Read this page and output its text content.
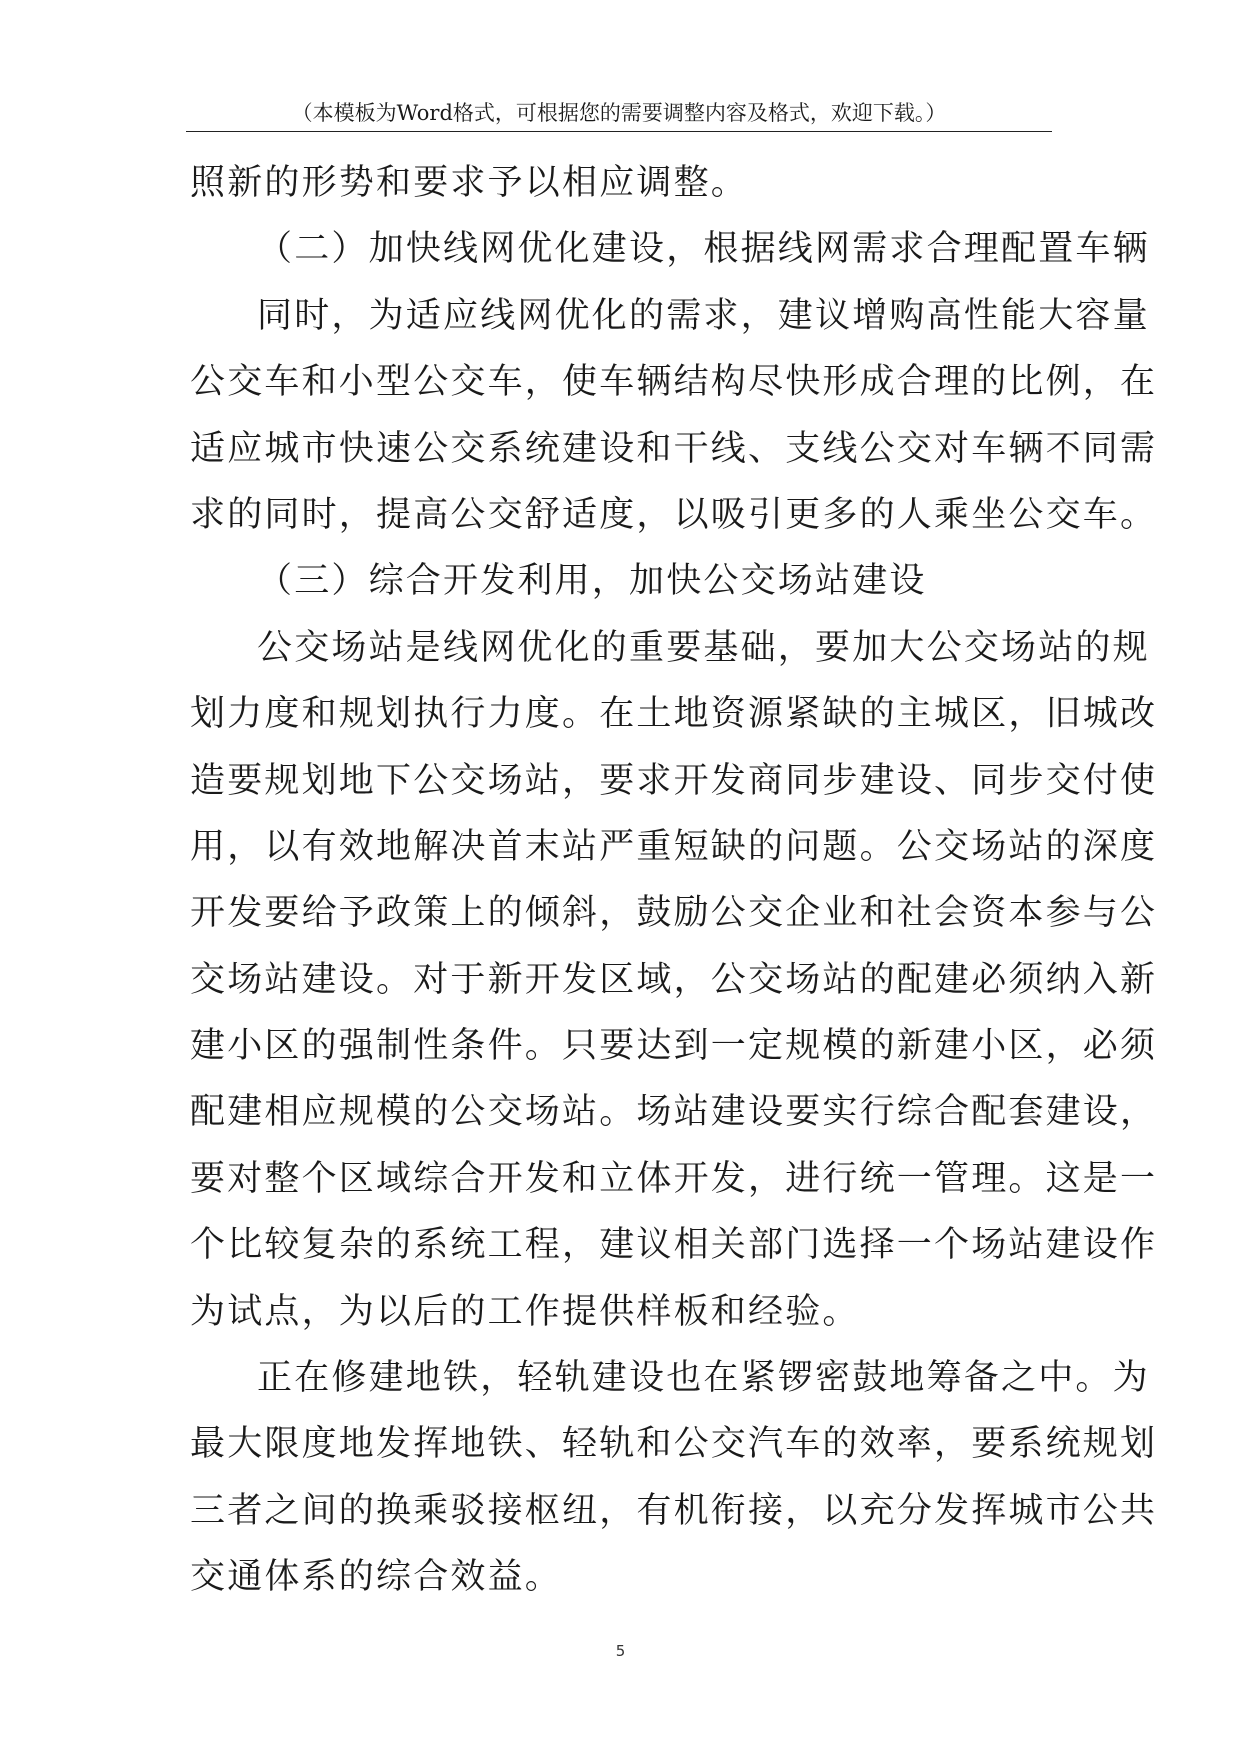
（本模板为Word格式，可根据您的需要调整内容及格式，欢迎下载。）
照新的形势和要求予以相应调整。
（二）加快线网优化建设，根据线网需求合理配置车辆
同时，为适应线网优化的需求，建议增购高性能大容量
公交车和小型公交车，使车辆结构尽快形成合理的比例，在
适应城市快速公交系统建设和干线、支线公交对车辆不同需
求的同时，提高公交舒适度，以吸引更多的人乘坐公交车。
（三）综合开发利用，加快公交场站建设
公交场站是线网优化的重要基础，要加大公交场站的规
划力度和规划执行力度。在土地资源紧缺的主城区，旧城改
造要规划地下公交场站，要求开发商同步建设、同步交付使
用，以有效地解决首末站严重短缺的问题。公交场站的深度
开发要给予政策上的倾斜，鼓励公交企业和社会资本参与公
交场站建设。对于新开发区域，公交场站的配建必须纳入新
建小区的强制性条件。只要达到一定规模的新建小区，必须
配建相应规模的公交场站。场站建设要实行综合配套建设，
要对整个区域综合开发和立体开发，进行统一管理。这是一
个比较复杂的系统工程，建议相关部门选择一个场站建设作
为试点，为以后的工作提供样板和经验。
正在修建地铁，轻轨建设也在紧锣密鼓地筹备之中。为
最大限度地发挥地铁、轻轨和公交汽车的效率，要系统规划
三者之间的换乘驳接枢纽，有机衔接，以充分发挥城市公共
交通体系的综合效益。
5
